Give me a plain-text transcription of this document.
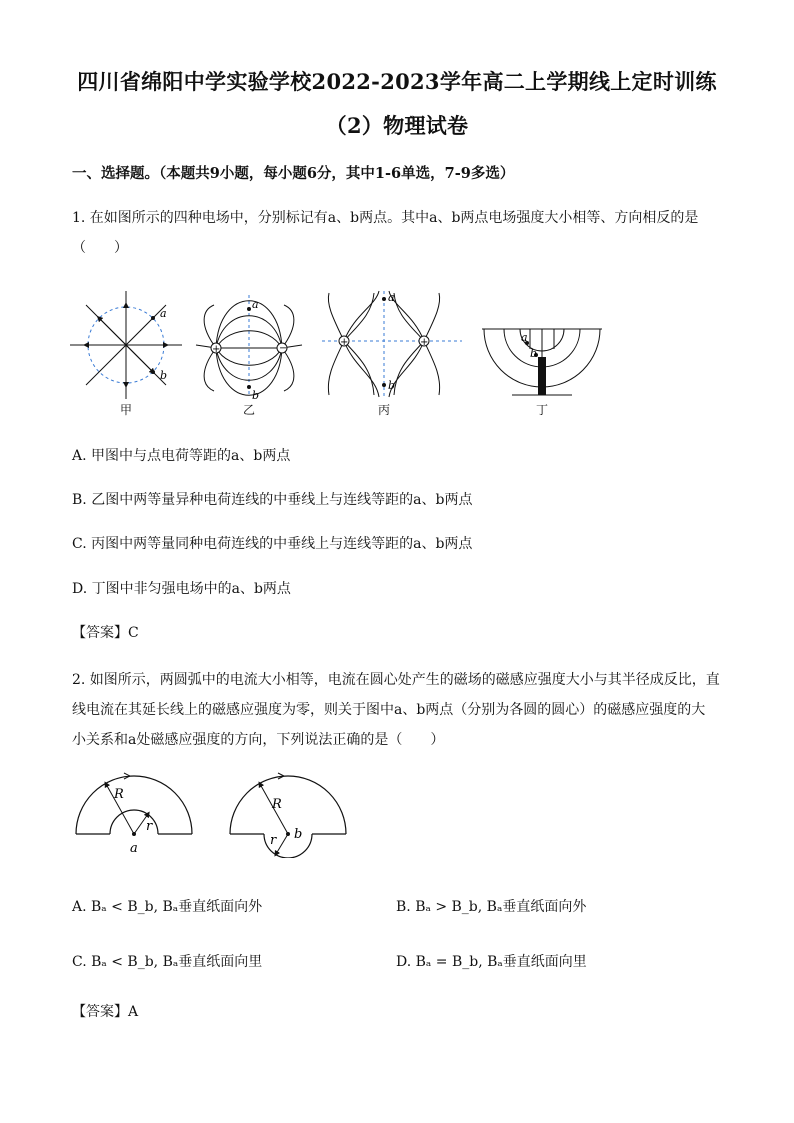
四川省绵阳中学实验学校2022-2023学年高二上学期线上定时训练
（2）物理试卷
一、选择题。（本题共9小题，每小题6分，其中1-6单选，7-9多选）
1. 在如图所示的四种电场中，分别标记有a、b两点。其中a、b两点电场强度大小相等、方向相反的是
（　　）
a
b
+	−
a
b
+	+
a
b
a
b
甲	乙	丙	丁
A. 甲图中与点电荷等距的a、b两点
B. 乙图中两等量异种电荷连线的中垂线上与连线等距的a、b两点
C. 丙图中两等量同种电荷连线的中垂线上与连线等距的a、b两点
D. 丁图中非匀强电场中的a、b两点
【答案】C
2. 如图所示，两圆弧中的电流大小相等，电流在圆心处产生的磁场的磁感应强度大小与其半径成反比，直
线电流在其延长线上的磁感应强度为零，则关于图中a、b两点（分别为各圆的圆心）的磁感应强度的大
小关系和a处磁感应强度的方向，下列说法正确的是（　　）
R
r
a
R
r b
A. Bₐ < B_b, Bₐ垂直纸面向外	B. Bₐ > B_b, Bₐ垂直纸面向外
C. Bₐ < B_b, Bₐ垂直纸面向里	D. Bₐ = B_b, Bₐ垂直纸面向里
【答案】A
